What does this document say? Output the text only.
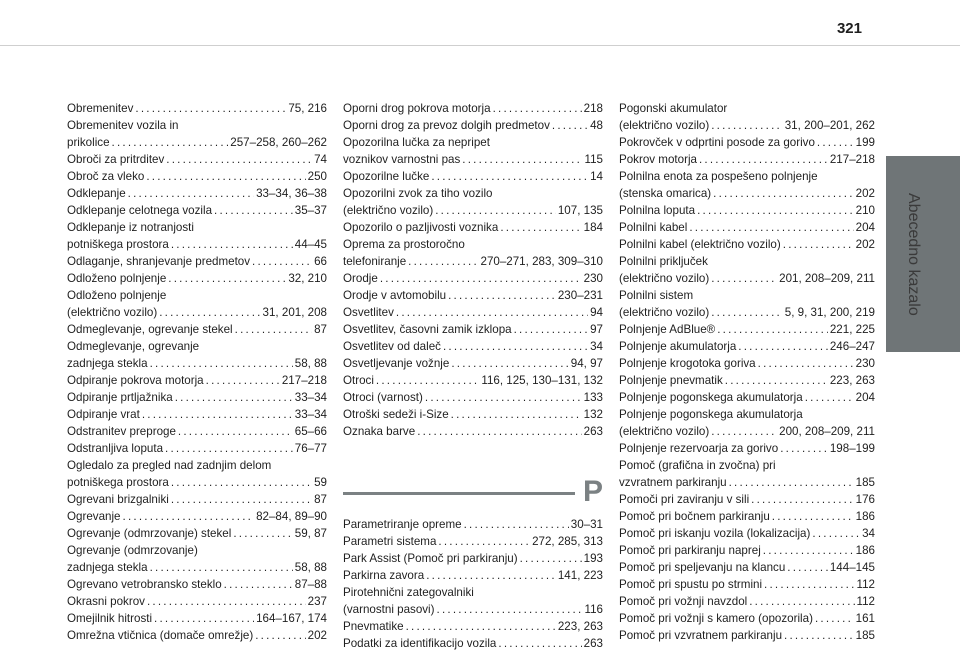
321
Abecedno kazalo
Obremenitev . . .	75, 216
Obremenitev vozila in
prikolice . . .	257–258, 260–262
Obroči za pritrditev . . .	74
Obroč za vleko . . .	250
Odklepanje . . .	33–34, 36–38
Odklepanje celotnega vozila . . .	35–37
Odklepanje iz notranjosti
potniškega prostora . . .	44–45
Odlaganje, shranjevanje predmetov . . .	66
Odloženo polnjenje . . .	32, 210
Odloženo polnjenje
(električno vozilo) . . .	31, 201, 208
Odmeglevanje, ogrevanje stekel . . .	87
Odmeglevanje, ogrevanje
zadnjega stekla . . .	58, 88
Odpiranje pokrova motorja . . .	217–218
Odpiranje prtljažnika . . .	33–34
Odpiranje vrat . . .	33–34
Odstranitev preproge . . .	65–66
Odstranljiva loputa . . .	76–77
Ogledalo za pregled nad zadnjim delom
potniškega prostora . . .	59
Ogrevani brizgalniki . . .	87
Ogrevanje . . .	82–84, 89–90
Ogrevanje (odmrzovanje) stekel . . .	59, 87
Ogrevanje (odmrzovanje)
zadnjega stekla . . .	58, 88
Ogrevano vetrobransko steklo . . .	87–88
Okrasni pokrov . . .	237
Omejilnik hitrosti . . .	164–167, 174
Omrežna vtičnica (domače omrežje) . . .	202
Oporni drog pokrova motorja . . .	218
Oporni drog za prevoz dolgih predmetov . . .	48
Opozorilna lučka za nepripet
voznikov varnostni pas . . .	115
Opozorilne lučke . . .	14
Opozorilni zvok za tiho vozilo
(električno vozilo) . . .	107, 135
Opozorilo o pazljivosti voznika . . .	184
Oprema za prostoročno
telefoniranje . . .	270–271, 283, 309–310
Orodje . . .	230
Orodje v avtomobilu . . .	230–231
Osvetlitev . . .	94
Osvetlitev, časovni zamik izklopa . . .	97
Osvetlitev od daleč . . .	34
Osvetljevanje vožnje . . .	94, 97
Otroci . . .	116, 125, 130–131, 132
Otroci (varnost) . . .	133
Otroški sedeži i-Size . . .	132
Oznaka barve . . .	263
P
Parametriranje opreme . . .	30–31
Parametri sistema . . .	272, 285, 313
Park Assist (Pomoč pri parkiranju) . . .	193
Parkirna zavora . . .	141, 223
Pirotehnični zategovalniki
(varnostni pasovi) . . .	116
Pnevmatike . . .	223, 263
Podatki za identifikacijo vozila . . .	263
Pogonski akumulator
(električno vozilo) . . .	31, 200–201, 262
Pokrovček v odprtini posode za gorivo . . .	199
Pokrov motorja . . .	217–218
Polnilna enota za pospešeno polnjenje
(stenska omarica) . . .	202
Polnilna loputa . . .	210
Polnilni kabel . . .	204
Polnilni kabel (električno vozilo) . . .	202
Polnilni priključek
(električno vozilo) . . .	201, 208–209, 211
Polnilni sistem
(električno vozilo) . . .	5, 9, 31, 200, 219
Polnjenje AdBlue® . . .	221, 225
Polnjenje akumulatorja . . .	246–247
Polnjenje krogotoka goriva . . .	230
Polnjenje pnevmatik . . .	223, 263
Polnjenje pogonskega akumulatorja . . .	204
Polnjenje pogonskega akumulatorja
(električno vozilo) . . .	200, 208–209, 211
Polnjenje rezervoarja za gorivo . . .	198–199
Pomoč (grafična in zvočna) pri
vzvratnem parkiranju . . .	185
Pomoči pri zaviranju v sili . . .	176
Pomoč pri bočnem parkiranju . . .	186
Pomoč pri iskanju vozila (lokalizacija) . . .	34
Pomoč pri parkiranju naprej . . .	186
Pomoč pri speljevanju na klancu . . .	144–145
Pomoč pri spustu po strmini . . .	112
Pomoč pri vožnji navzdol . . .	112
Pomoč pri vožnji s kamero (opozorila) . . .	161
Pomoč pri vzvratnem parkiranju . . .	185
